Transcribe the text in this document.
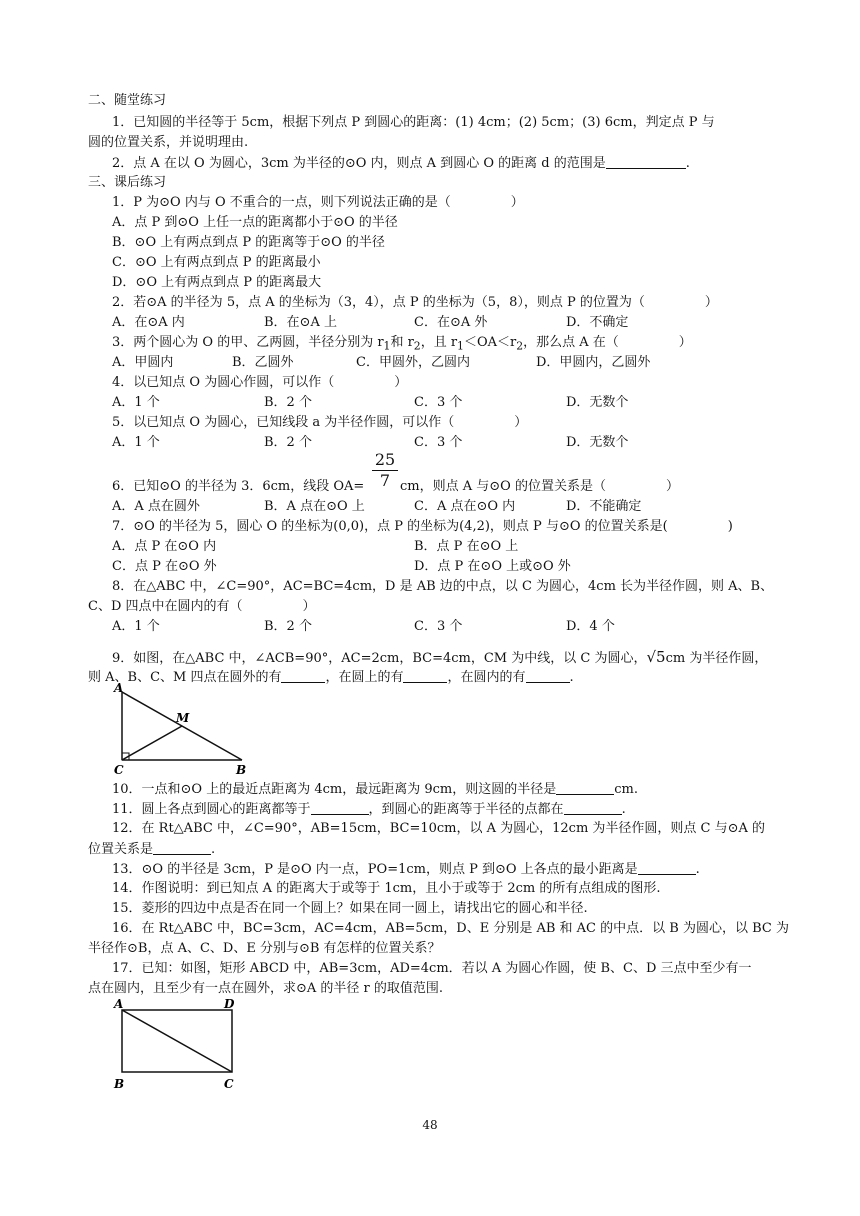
二、随堂练习
1．已知圆的半径等于 5cm，根据下列点 P 到圆心的距离：(1) 4cm；(2) 5cm；(3) 6cm，判定点 P 与
圆的位置关系，并说明理由.
2．点 A 在以 O 为圆心，3cm 为半径的⊙O 内，则点 A 到圆心 O 的距离 d 的范围是	.
三、课后练习
1．P 为⊙O 内与 O 不重合的一点，则下列说法正确的是（	）
A．点 P 到⊙O 上任一点的距离都小于⊙O 的半径
B．⊙O 上有两点到点 P 的距离等于⊙O 的半径
C．⊙O 上有两点到点 P 的距离最小
D．⊙O 上有两点到点 P 的距离最大
2．若⊙A 的半径为 5，点 A 的坐标为（3，4），点 P 的坐标为（5，8），则点 P 的位置为（	）
A．在⊙A 内	B．在⊙A 上	C．在⊙A 外	D．不确定
3．两个圆心为 O 的甲、乙两圆，半径分别为 $r_1$和 $r_2$，且 $r_1<OA<r_2$，那么点 A 在（	）
A．甲圆内	B．乙圆外	C．甲圆外，乙圆内	D．甲圆内，乙圆外
4．以已知点 O 为圆心作圆，可以作（	）
A．1 个	B．2 个	C．3 个	D．无数个
5．以已知点 O 为圆心，已知线段 a 为半径作圆，可以作（	）
A．1 个	B．2 个	C．3 个	D．无数个
$\frac{25}{7}$
6．已知⊙O 的半径为 3．6cm，线段 OA=	cm，则点 A 与⊙O 的位置关系是（	）
A．A 点在圆外	B．A 点在⊙O 上	C．A 点在⊙O 内	D．不能确定
7．⊙O 的半径为 5，圆心 O 的坐标为(0,0)，点 P 的坐标为(4,2)，则点 P 与⊙O 的位置关系是(	)
A．点 P 在⊙O 内	B．点 P 在⊙O 上
C．点 P 在⊙O 外	D．点 P 在⊙O 上或⊙O 外
8．在△ABC 中，∠C=90°，AC=BC=4cm，D 是 AB 边的中点，以 C 为圆心，4cm 长为半径作圆，则 A、B、
C、D 四点中在圆内的有（	）
A．1 个	B．2 个	C．3 个	D．4 个
9．如图，在△ABC 中，∠ACB=90°，AC=2cm，BC=4cm，CM 为中线，以 C 为圆心，√5cm 为半径作圆，
则 A、B、C、M 四点在圆外的有	，在圆上的有	，在圆内的有	.
A
M
C	B
10．一点和⊙O 上的最近点距离为 4cm，最远距离为 9cm，则这圆的半径是	cm.
11．圆上各点到圆心的距离都等于	，到圆心的距离等于半径的点都在	.
12．在 Rt△ABC 中，∠C=90°，AB=15cm，BC=10cm，以 A 为圆心，12cm 为半径作圆，则点 C 与⊙A 的
位置关系是	.
13．⊙O 的半径是 3cm，P 是⊙O 内一点，PO=1cm，则点 P 到⊙O 上各点的最小距离是	.
14．作图说明：到已知点 A 的距离大于或等于 1cm，且小于或等于 2cm 的所有点组成的图形.
15．菱形的四边中点是否在同一个圆上？如果在同一圆上，请找出它的圆心和半径.
16．在 Rt△ABC 中，BC=3cm，AC=4cm，AB=5cm，D、E 分别是 AB 和 AC 的中点．以 B 为圆心，以 BC 为
半径作⊙B，点 A、C、D、E 分别与⊙B 有怎样的位置关系？
17．已知：如图，矩形 ABCD 中，AB=3cm，AD=4cm．若以 A 为圆心作圆，使 B、C、D 三点中至少有一
点在圆内，且至少有一点在圆外，求⊙A 的半径 r 的取值范围.
A	D
B	C
48
